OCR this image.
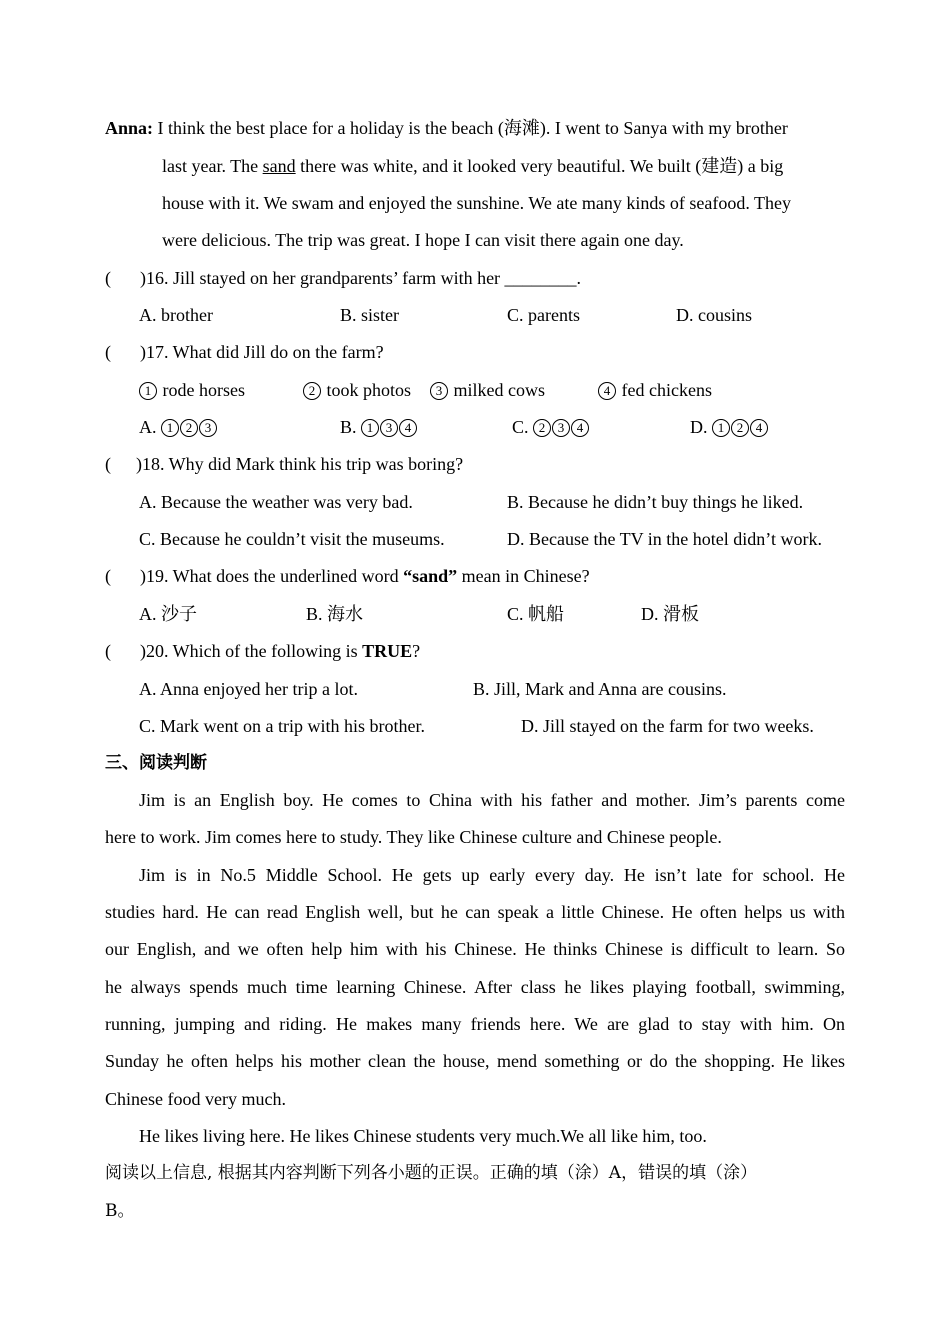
Anna: I think the best place for a holiday is the beach (海滩). I went to Sanya with my brother
last year. The sand there was white, and it looked very beautiful. We built (建造) a big
house with it. We swam and enjoyed the sunshine. We ate many kinds of seafood. They
were delicious. The trip was great. I hope I can visit there again one day.
( )16. Jill stayed on her grandparents’ farm with her ________.
A. brother	B. sister	C. parents	D. cousins
( )17. What did Jill do on the farm?
1 rode horses	2 took photos	3 milked cows	4 fed chickens
A. 1 2 3	B. 1 3 4	C. 2 3 4	D. 1 2 4
( )18. Why did Mark think his trip was boring?
A. Because the weather was very bad.	B. Because he didn’t buy things he liked.
C. Because he couldn’t visit the museums.	D. Because the TV in the hotel didn’t work.
( )19. What does the underlined word “sand” mean in Chinese?
A. 沙子	B. 海水	C. 帆船	D. 滑板
( )20. Which of the following is TRUE?
A. Anna enjoyed her trip a lot.	B. Jill, Mark and Anna are cousins.
C. Mark went on a trip with his brother.	D. Jill stayed on the farm for two weeks.
三、阅读判断
Jim is an English boy. He comes to China with his father and mother. Jim’s parents come
here to work. Jim comes here to study. They like Chinese culture and Chinese people.
Jim is in No.5 Middle School. He gets up early every day. He isn’t late for school. He
studies hard. He can read English well, but he can speak a little Chinese. He often helps us with
our English, and we often help him with his Chinese. He thinks Chinese is difficult to learn. So
he always spends much time learning Chinese. After class he likes playing football, swimming,
running, jumping and riding. He makes many friends here. We are glad to stay with him. On
Sunday he often helps his mother clean the house, mend something or do the shopping. He likes
Chinese food very much.
He likes living here. He likes Chinese students very much.We all like him, too.
阅读以上信息, 根据其内容判断下列各小题的正误。正确的填（涂）A，错误的填（涂）
B。
